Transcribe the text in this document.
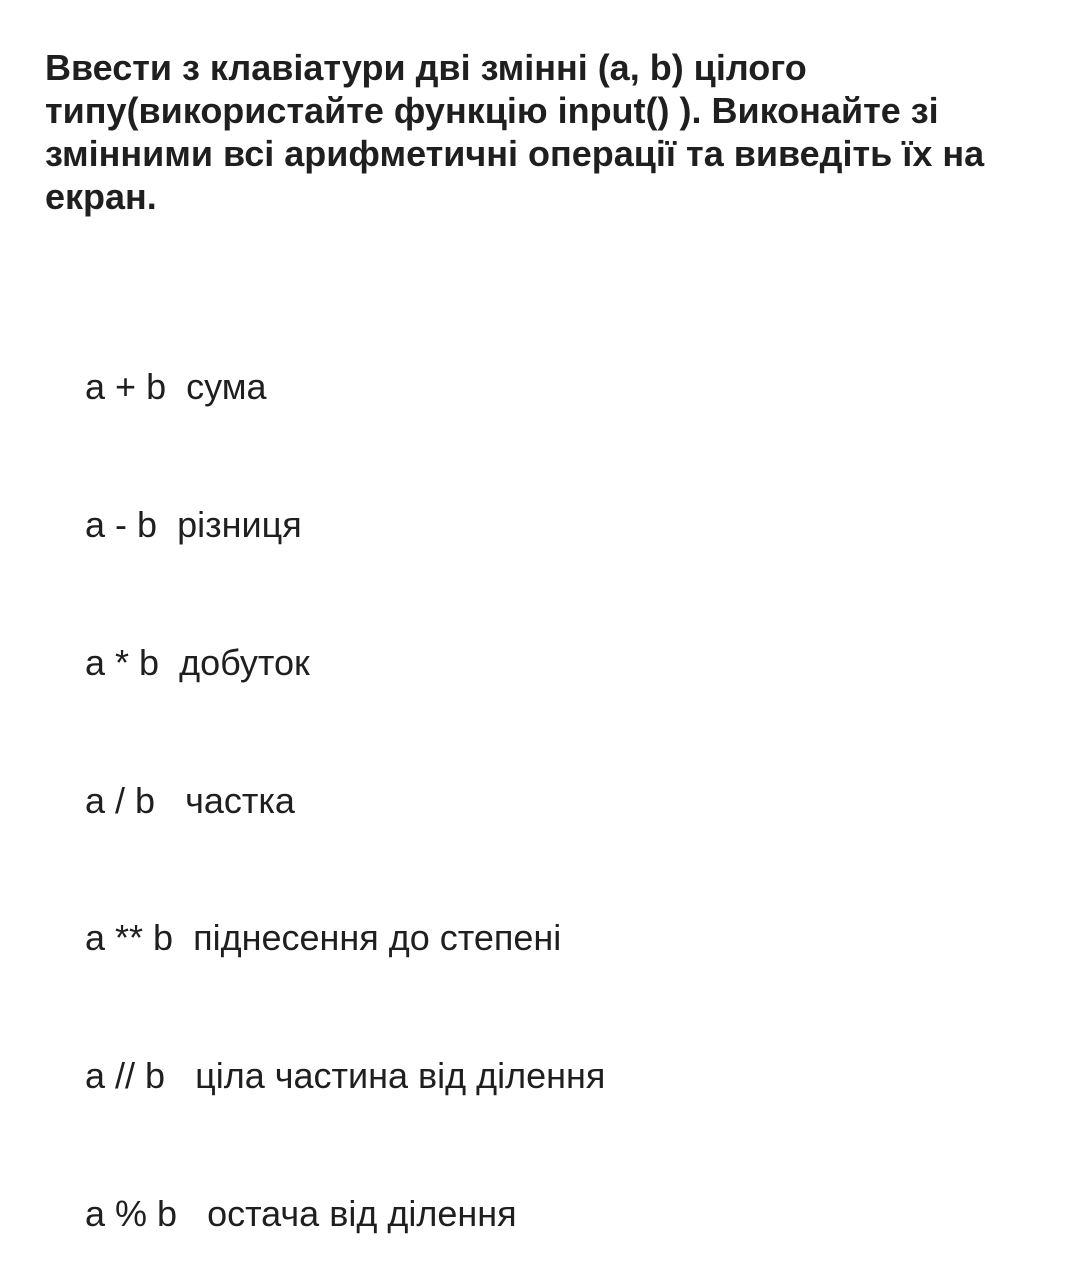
Ввести з клавіатури дві змінні (a, b) цілого типу(використайте функцію input() ). Виконайте зі змінними всі арифметичні операції та виведіть їх на екран.

a + b  сума

a - b  різниця

a * b  добуток

a / b   частка

a ** b  піднесення до степені

a // b   ціла частина від ділення

a % b   остача від ділення
